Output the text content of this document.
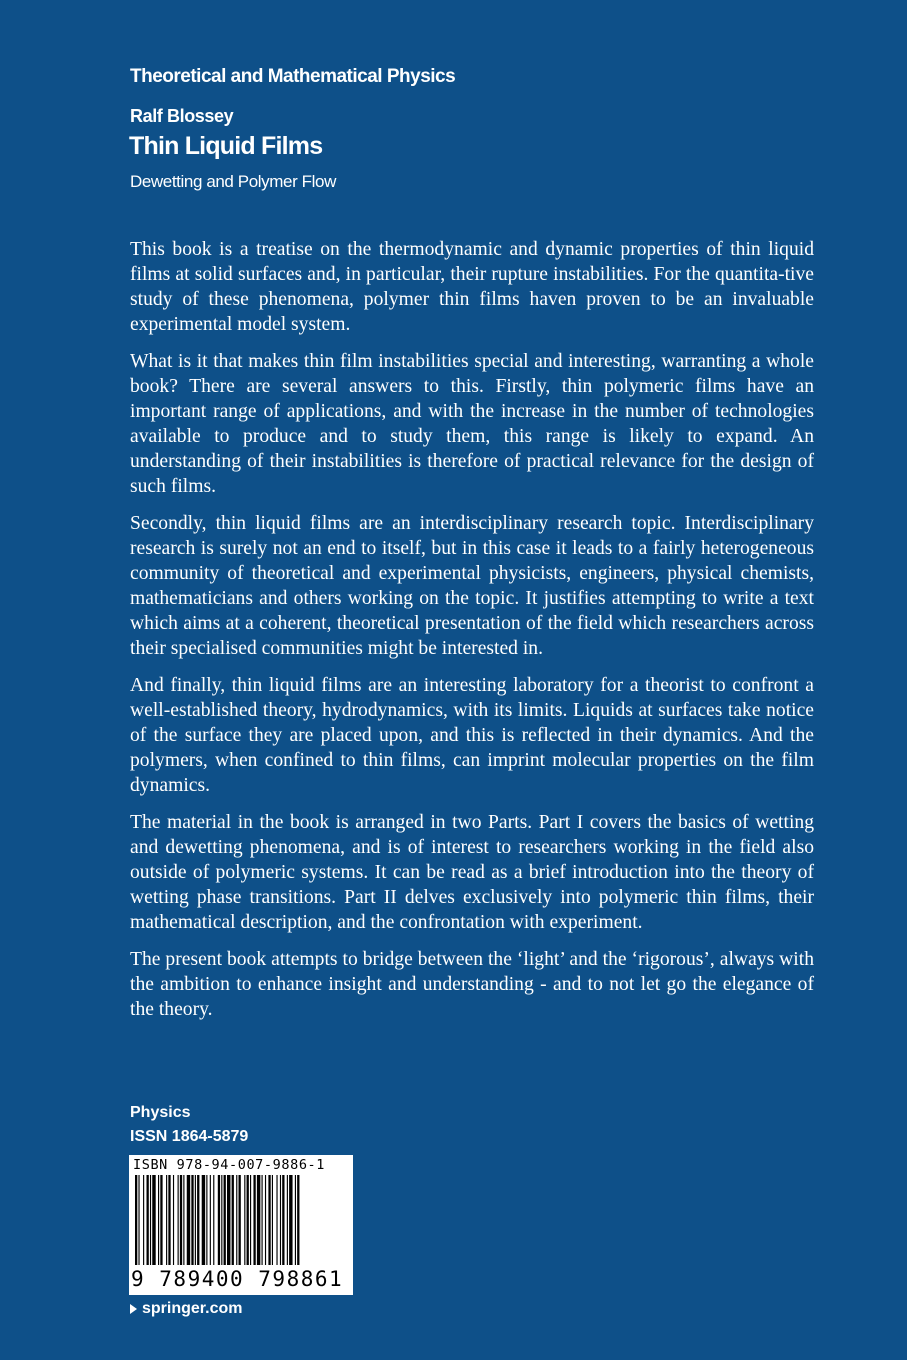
Theoretical and Mathematical Physics
Ralf Blossey
Thin Liquid Films
Dewetting and Polymer Flow

This book is a treatise on the thermodynamic and dynamic properties of thin liquid films at solid surfaces and, in particular, their rupture instabilities. For the quantita-tive study of these phenomena, polymer thin films haven proven to be an invaluable experimental model system.

What is it that makes thin film instabilities special and interesting, warranting a whole book? There are several answers to this. Firstly, thin polymeric films have an important range of applications, and with the increase in the number of technologies available to produce and to study them, this range is likely to expand. An understanding of their instabilities is therefore of practical relevance for the design of such films.

Secondly, thin liquid films are an interdisciplinary research topic. Interdisciplinary research is surely not an end to itself, but in this case it leads to a fairly heterogeneous community of theoretical and experimental physicists, engineers, physical chemists, mathematicians and others working on the topic. It justifies attempting to write a text which aims at a coherent, theoretical presentation of the field which researchers across their specialised communities might be interested in.

And finally, thin liquid films are an interesting laboratory for a theorist to confront a well-established theory, hydrodynamics, with its limits. Liquids at surfaces take notice of the surface they are placed upon, and this is reflected in their dynamics. And the polymers, when confined to thin films, can imprint molecular properties on the film dynamics.

The material in the book is arranged in two Parts. Part I covers the basics of wetting and dewetting phenomena, and is of interest to researchers working in the field also outside of polymeric systems. It can be read as a brief introduction into the theory of wetting phase transitions. Part II delves exclusively into polymeric thin films, their mathematical description, and the confrontation with experiment.

The present book attempts to bridge between the ‘light’ and the ‘rigorous’, always with the ambition to enhance insight and understanding - and to not let go the elegance of the theory.

Physics
ISSN 1864-5879
ISBN 978-94-007-9886-1
9 789400 798861
springer.com
